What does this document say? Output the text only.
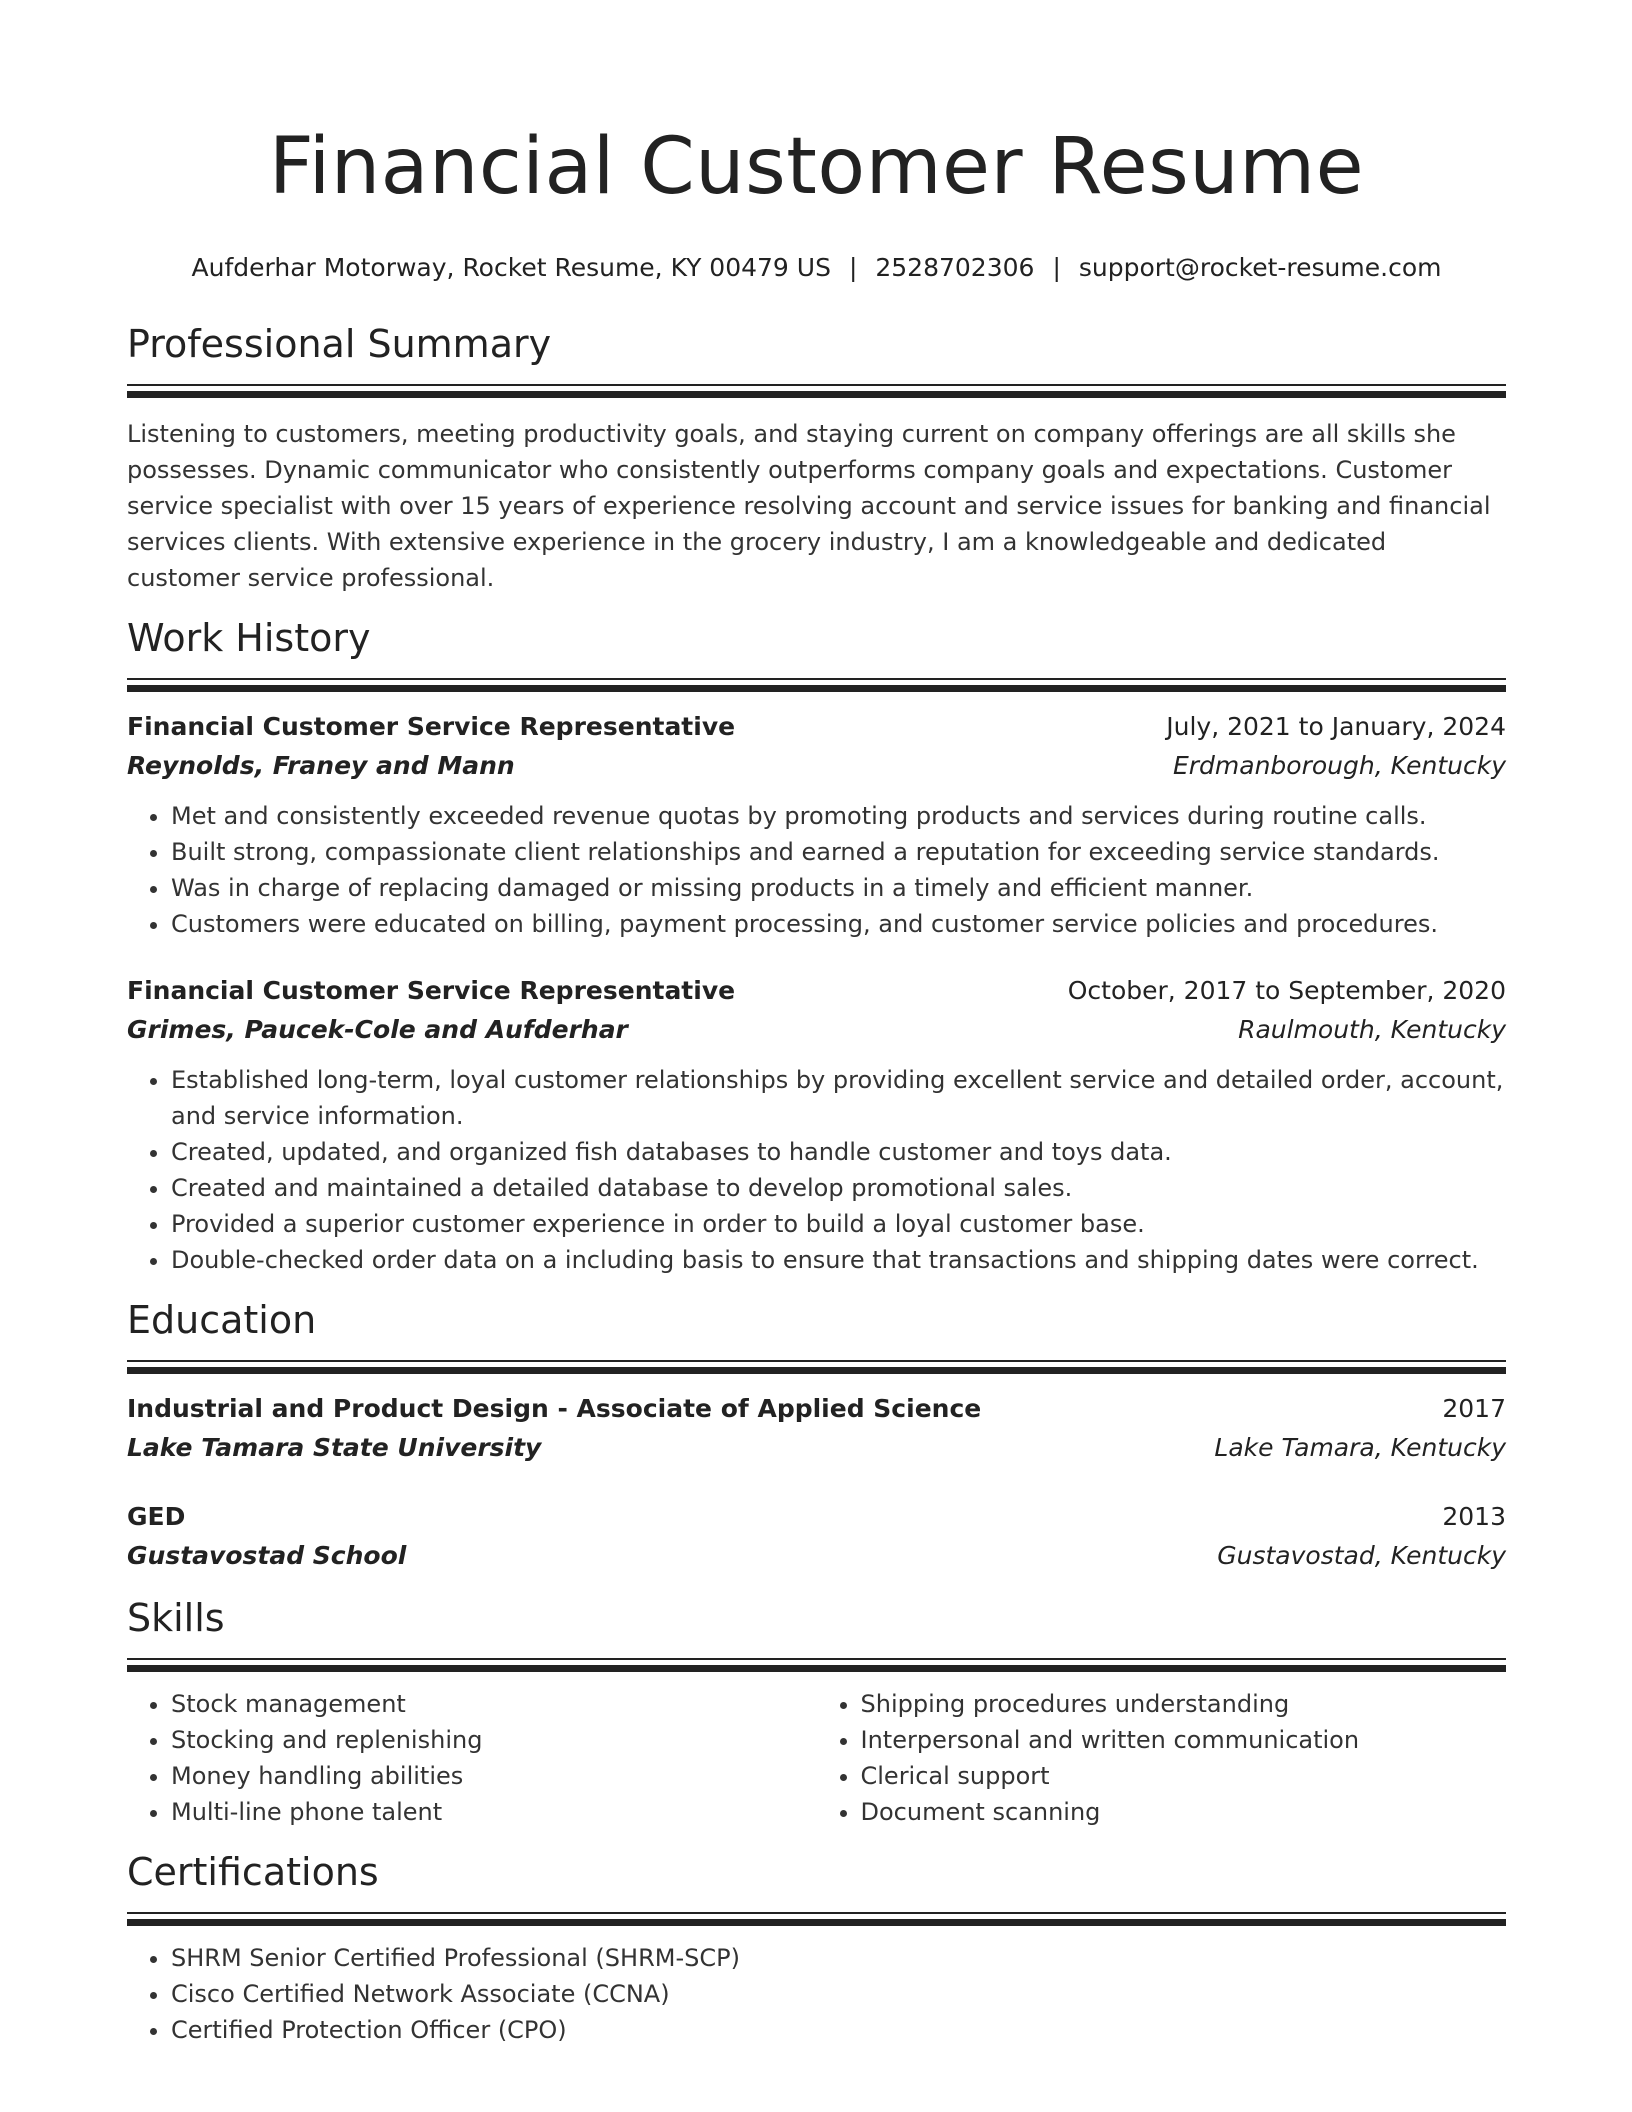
Financial Customer Resume
Aufderhar Motorway, Rocket Resume, KY 00479 US | 2528702306 | support@rocket-resume.com
Professional Summary

Listening to customers, meeting productivity goals, and staying current on company offerings are all skills she possesses. Dynamic communicator who consistently outperforms company goals and expectations. Customer service specialist with over 15 years of experience resolving account and service issues for banking and financial services clients. With extensive experience in the grocery industry, I am a knowledgeable and dedicated customer service professional.

Work History
Financial Customer Service Representative	July, 2021 to January, 2024
Reynolds, Franey and Mann	Erdmanborough, Kentucky
• Met and consistently exceeded revenue quotas by promoting products and services during routine calls.
• Built strong, compassionate client relationships and earned a reputation for exceeding service standards.
• Was in charge of replacing damaged or missing products in a timely and efficient manner.
• Customers were educated on billing, payment processing, and customer service policies and procedures.
Financial Customer Service Representative	October, 2017 to September, 2020
Grimes, Paucek-Cole and Aufderhar	Raulmouth, Kentucky
• Established long-term, loyal customer relationships by providing excellent service and detailed order, account, and service information.
• Created, updated, and organized fish databases to handle customer and toys data.
• Created and maintained a detailed database to develop promotional sales.
• Provided a superior customer experience in order to build a loyal customer base.
• Double-checked order data on a including basis to ensure that transactions and shipping dates were correct.
Education
Industrial and Product Design - Associate of Applied Science	2017
Lake Tamara State University	Lake Tamara, Kentucky
GED	2013
Gustavostad School	Gustavostad, Kentucky
Skills
• Stock management
• Stocking and replenishing
• Money handling abilities
• Multi-line phone talent
• Shipping procedures understanding
• Interpersonal and written communication
• Clerical support
• Document scanning
Certifications
• SHRM Senior Certified Professional (SHRM-SCP)
• Cisco Certified Network Associate (CCNA)
• Certified Protection Officer (CPO)
